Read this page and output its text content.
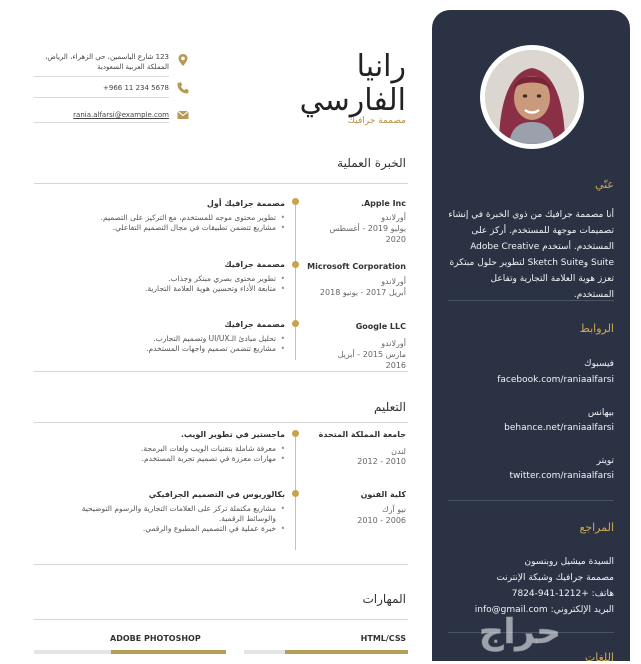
رانيا الفارسي
مصممة جرافيك
123 شارع الياسمين، حي الزهراء، الرياض، المملكة العربية السعودية
+966 11 234 5678
rania.alfarsi@example.com
الخبرة العملية
Apple Inc.
أورلاندو
يوليو 2019 - أغسطس 2020
مصممة جرافيك أول
• تطوير محتوى موجه للمستخدم، مع التركيز على التصميم.
• مشاريع تتضمن تطبيقات في مجال التصميم التفاعلي.
Microsoft Corporation
أورلاندو
أبريل 2017 - يونيو 2018
مصممة جرافيك
• تطوير محتوى بصري مبتكر وجذاب.
• متابعة الأداء وتحسين هوية العلامة التجارية.
Google LLC
أورلاندو
مارس 2015 - أبريل 2016
مصممة جرافيك
• تحليل مبادئ الـUI/UX وتصميم التجارب.
• مشاريع تتضمن تصميم واجهات المستخدم.
التعليم
جامعة المملكة المتحدة
لندن
2010 - 2012
ماجستير في تطوير الويب.
• معرفة شاملة بتقنيات الويب ولغات البرمجة.
• مهارات معززة في تصميم تجربة المستخدم.
كلية الفنون
نيو آرك
2006 - 2010
بكالوريوس في التصميم الجرافيكي
• مشاريع مكتملة تركز على العلامات التجارية والرسوم التوضيحية والوسائط الرقمية.
• خبرة عملية في التصميم المطبوع والرقمي.
المهارات
HTML/CSS
ADOBE PHOTOSHOP
عنّي
أنا مصممة جرافيك من ذوي الخبرة في إنشاء تصميمات موجهة للمستخدم. أركز على المستخدم. أستخدم Adobe Creative Suite وSketch Suite لتطوير حلول مبتكرة تعزز هوية العلامة التجارية وتفاعل المستخدم.
الروابط
فيسبوك
facebook.com/raniaalfarsi
بيهانس
behance.net/raniaalfarsi
تويتر
twitter.com/raniaalfarsi
المراجع
السيدة ميشيل روبنسون
مصممة جرافيك وشبكة الإنترنت
هاتف: +1212-941-7824
البريد الإلكتروني: info@gmail.com
اللغات
حراج
